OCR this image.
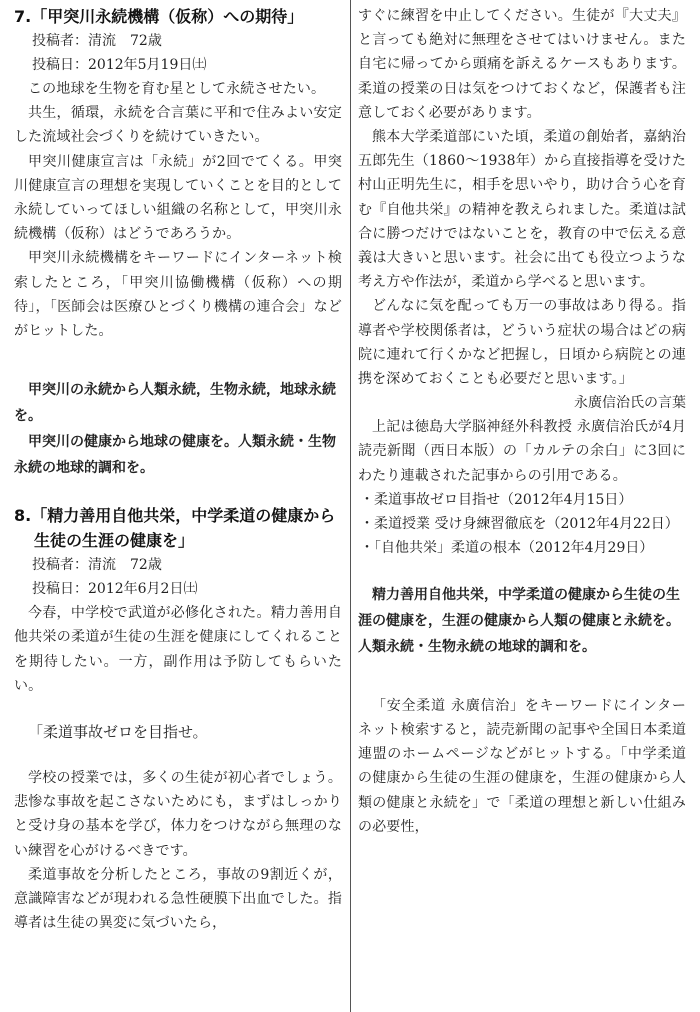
7.「甲突川永続機構（仮称）への期待」

投稿者：清流　72歳

投稿日：2012年5月19日㈯

この地球を生物を育む星として永続させたい。

共生，循環，永続を合言葉に平和で住みよい安定した流域社会づくりを続けていきたい。

甲突川健康宣言は「永続」が2回でてくる。甲突川健康宣言の理想を実現していくことを目的として永続していってほしい組織の名称として，甲突川永続機構（仮称）はどうであろうか。

甲突川永続機構をキーワードにインターネット検索したところ，「甲突川協働機構（仮称）への期待」，「医師会は医療ひとづくり機構の連合会」などがヒットした。

甲突川の永続から人類永続，生物永続，地球永続を。

甲突川の健康から地球の健康を。人類永続・生物永続の地球的調和を。

8.「精力善用自他共栄，中学柔道の健康から生徒の生涯の健康を」

投稿者：清流　72歳

投稿日：2012年6月2日㈯

今春，中学校で武道が必修化された。精力善用自他共栄の柔道が生徒の生涯を健康にしてくれることを期待したい。一方，副作用は予防してもらいたい。

「柔道事故ゼロを目指せ。

学校の授業では，多くの生徒が初心者でしょう。悲惨な事故を起こさないためにも，まずはしっかりと受け身の基本を学び，体力をつけながら無理のない練習を心がけるべきです。

柔道事故を分析したところ，事故の9割近くが，意識障害などが現われる急性硬膜下出血でした。指導者は生徒の異変に気づいたら，

すぐに練習を中止してください。生徒が『大丈夫』と言っても絶対に無理をさせてはいけません。また自宅に帰ってから頭痛を訴えるケースもあります。柔道の授業の日は気をつけておくなど，保護者も注意しておく必要があります。

熊本大学柔道部にいた頃，柔道の創始者，嘉納治五郎先生（1860～1938年）から直接指導を受けた村山正明先生に，相手を思いやり，助け合う心を育む『自他共栄』の精神を教えられました。柔道は試合に勝つだけではないことを，教育の中で伝える意義は大きいと思います。社会に出ても役立つような考え方や作法が，柔道から学べると思います。

どんなに気を配っても万一の事故はあり得る。指導者や学校関係者は，どういう症状の場合はどの病院に連れて行くかなど把握し，日頃から病院との連携を深めておくことも必要だと思います。」

永廣信治氏の言葉

上記は徳島大学脳神経外科教授 永廣信治氏が4月読売新聞（西日本版）の「カルテの余白」に3回にわたり連載された記事からの引用である。

・柔道事故ゼロ目指せ（2012年4月15日）

・柔道授業 受け身練習徹底を（2012年4月22日）

・「自他共栄」柔道の根本（2012年4月29日）

精力善用自他共栄，中学柔道の健康から生徒の生涯の健康を，生涯の健康から人類の健康と永続を。人類永続・生物永続の地球的調和を。

「安全柔道 永廣信治」をキーワードにインターネット検索すると，読売新聞の記事や全国日本柔道連盟のホームページなどがヒットする。「中学柔道の健康から生徒の生涯の健康を，生涯の健康から人類の健康と永続を」で「柔道の理想と新しい仕組みの必要性，
